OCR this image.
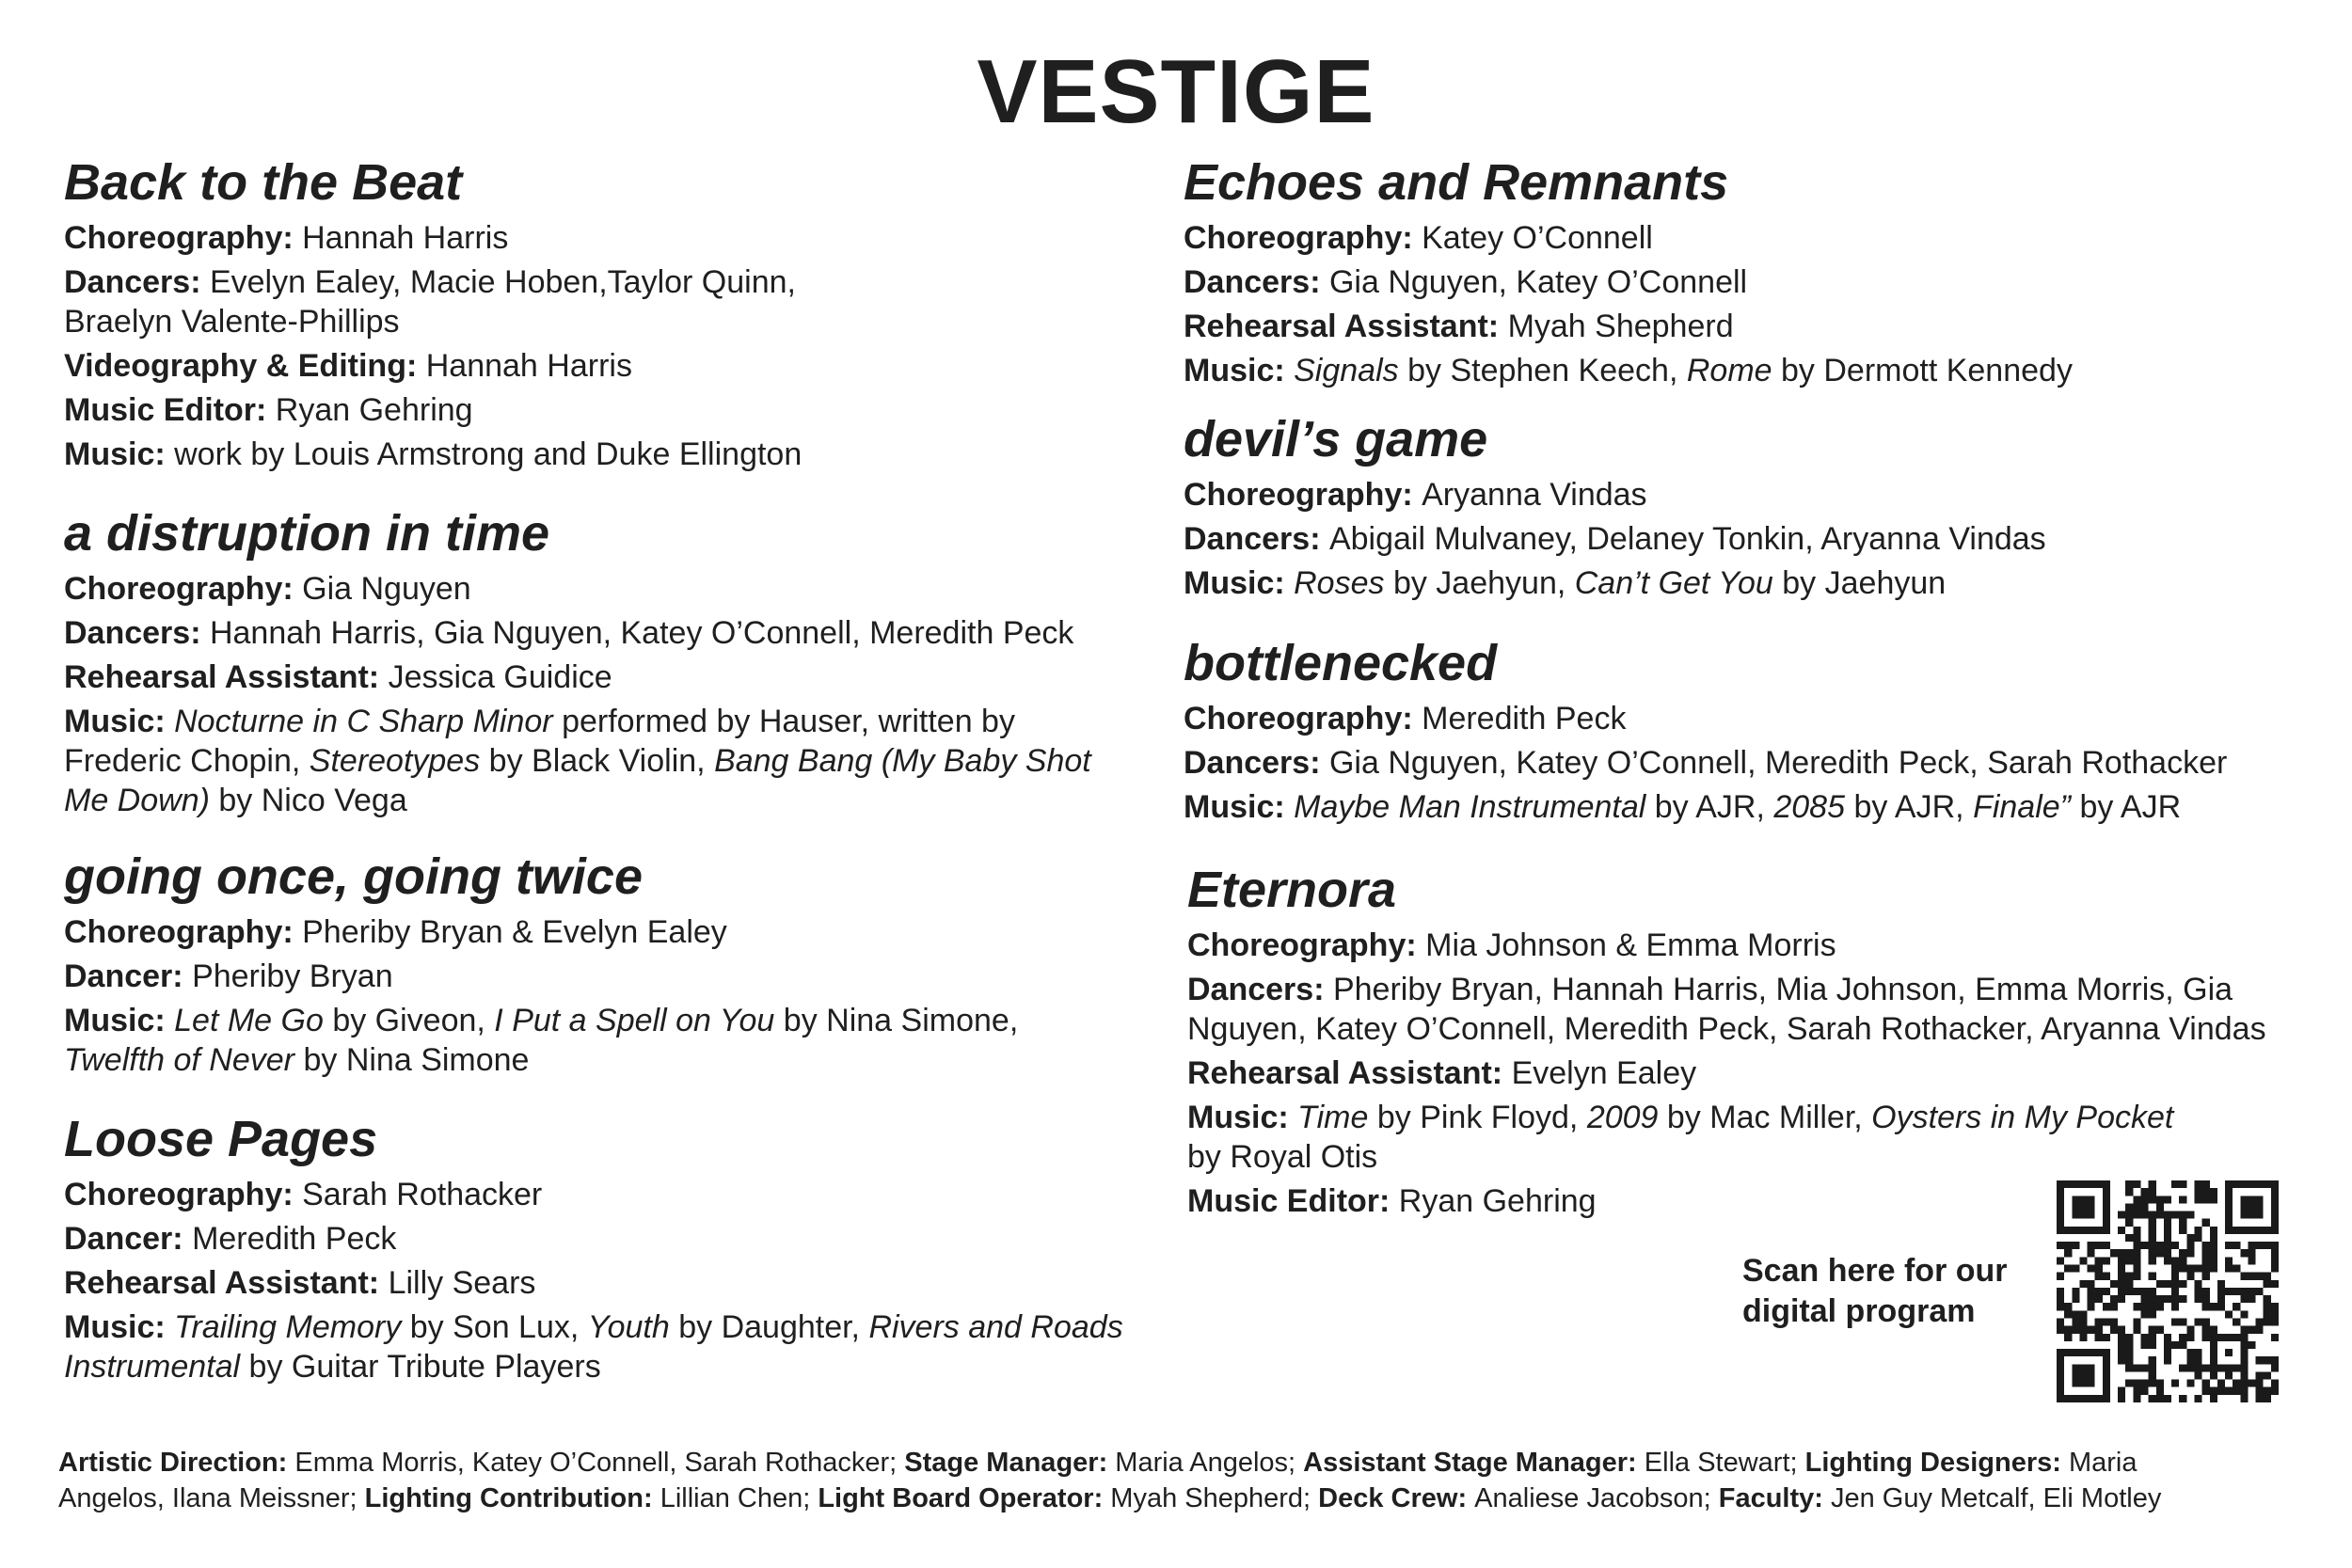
VESTIGE
Back to the Beat
Choreography: Hannah Harris
Dancers: Evelyn Ealey, Macie Hoben,Taylor Quinn,
Braelyn Valente-Phillips
Videography & Editing: Hannah Harris
Music Editor: Ryan Gehring
Music: work by Louis Armstrong and Duke Ellington
a distruption in time
Choreography: Gia Nguyen
Dancers: Hannah Harris, Gia Nguyen, Katey O’Connell, Meredith Peck
Rehearsal Assistant: Jessica Guidice
Music: Nocturne in C Sharp Minor performed by Hauser, written by
Frederic Chopin, Stereotypes by Black Violin, Bang Bang (My Baby Shot
Me Down) by Nico Vega
going once, going twice
Choreography: Pheriby Bryan & Evelyn Ealey
Dancer: Pheriby Bryan
Music: Let Me Go by Giveon, I Put a Spell on You by Nina Simone,
Twelfth of Never by Nina Simone
Loose Pages
Choreography: Sarah Rothacker
Dancer: Meredith Peck
Rehearsal Assistant: Lilly Sears
Music: Trailing Memory by Son Lux, Youth by Daughter, Rivers and Roads
Instrumental by Guitar Tribute Players
Echoes and Remnants
Choreography: Katey O’Connell
Dancers: Gia Nguyen, Katey O’Connell
Rehearsal Assistant: Myah Shepherd
Music: Signals by Stephen Keech, Rome by Dermott Kennedy
devil’s game
Choreography: Aryanna Vindas
Dancers: Abigail Mulvaney, Delaney Tonkin, Aryanna Vindas
Music: Roses by Jaehyun, Can’t Get You by Jaehyun
bottlenecked
Choreography: Meredith Peck
Dancers: Gia Nguyen, Katey O’Connell, Meredith Peck, Sarah Rothacker
Music: Maybe Man Instrumental by AJR, 2085 by AJR, Finale” by AJR
Eternora
Choreography: Mia Johnson & Emma Morris
Dancers: Pheriby Bryan, Hannah Harris, Mia Johnson, Emma Morris, Gia
Nguyen, Katey O’Connell, Meredith Peck, Sarah Rothacker, Aryanna Vindas
Rehearsal Assistant: Evelyn Ealey
Music: Time by Pink Floyd, 2009 by Mac Miller, Oysters in My Pocket
by Royal Otis
Music Editor: Ryan Gehring
Scan here for our
digital program
Artistic Direction: Emma Morris, Katey O’Connell, Sarah Rothacker; Stage Manager: Maria Angelos; Assistant Stage Manager: Ella Stewart; Lighting Designers: Maria
Angelos, Ilana Meissner; Lighting Contribution: Lillian Chen; Light Board Operator: Myah Shepherd; Deck Crew: Analiese Jacobson; Faculty: Jen Guy Metcalf, Eli Motley
